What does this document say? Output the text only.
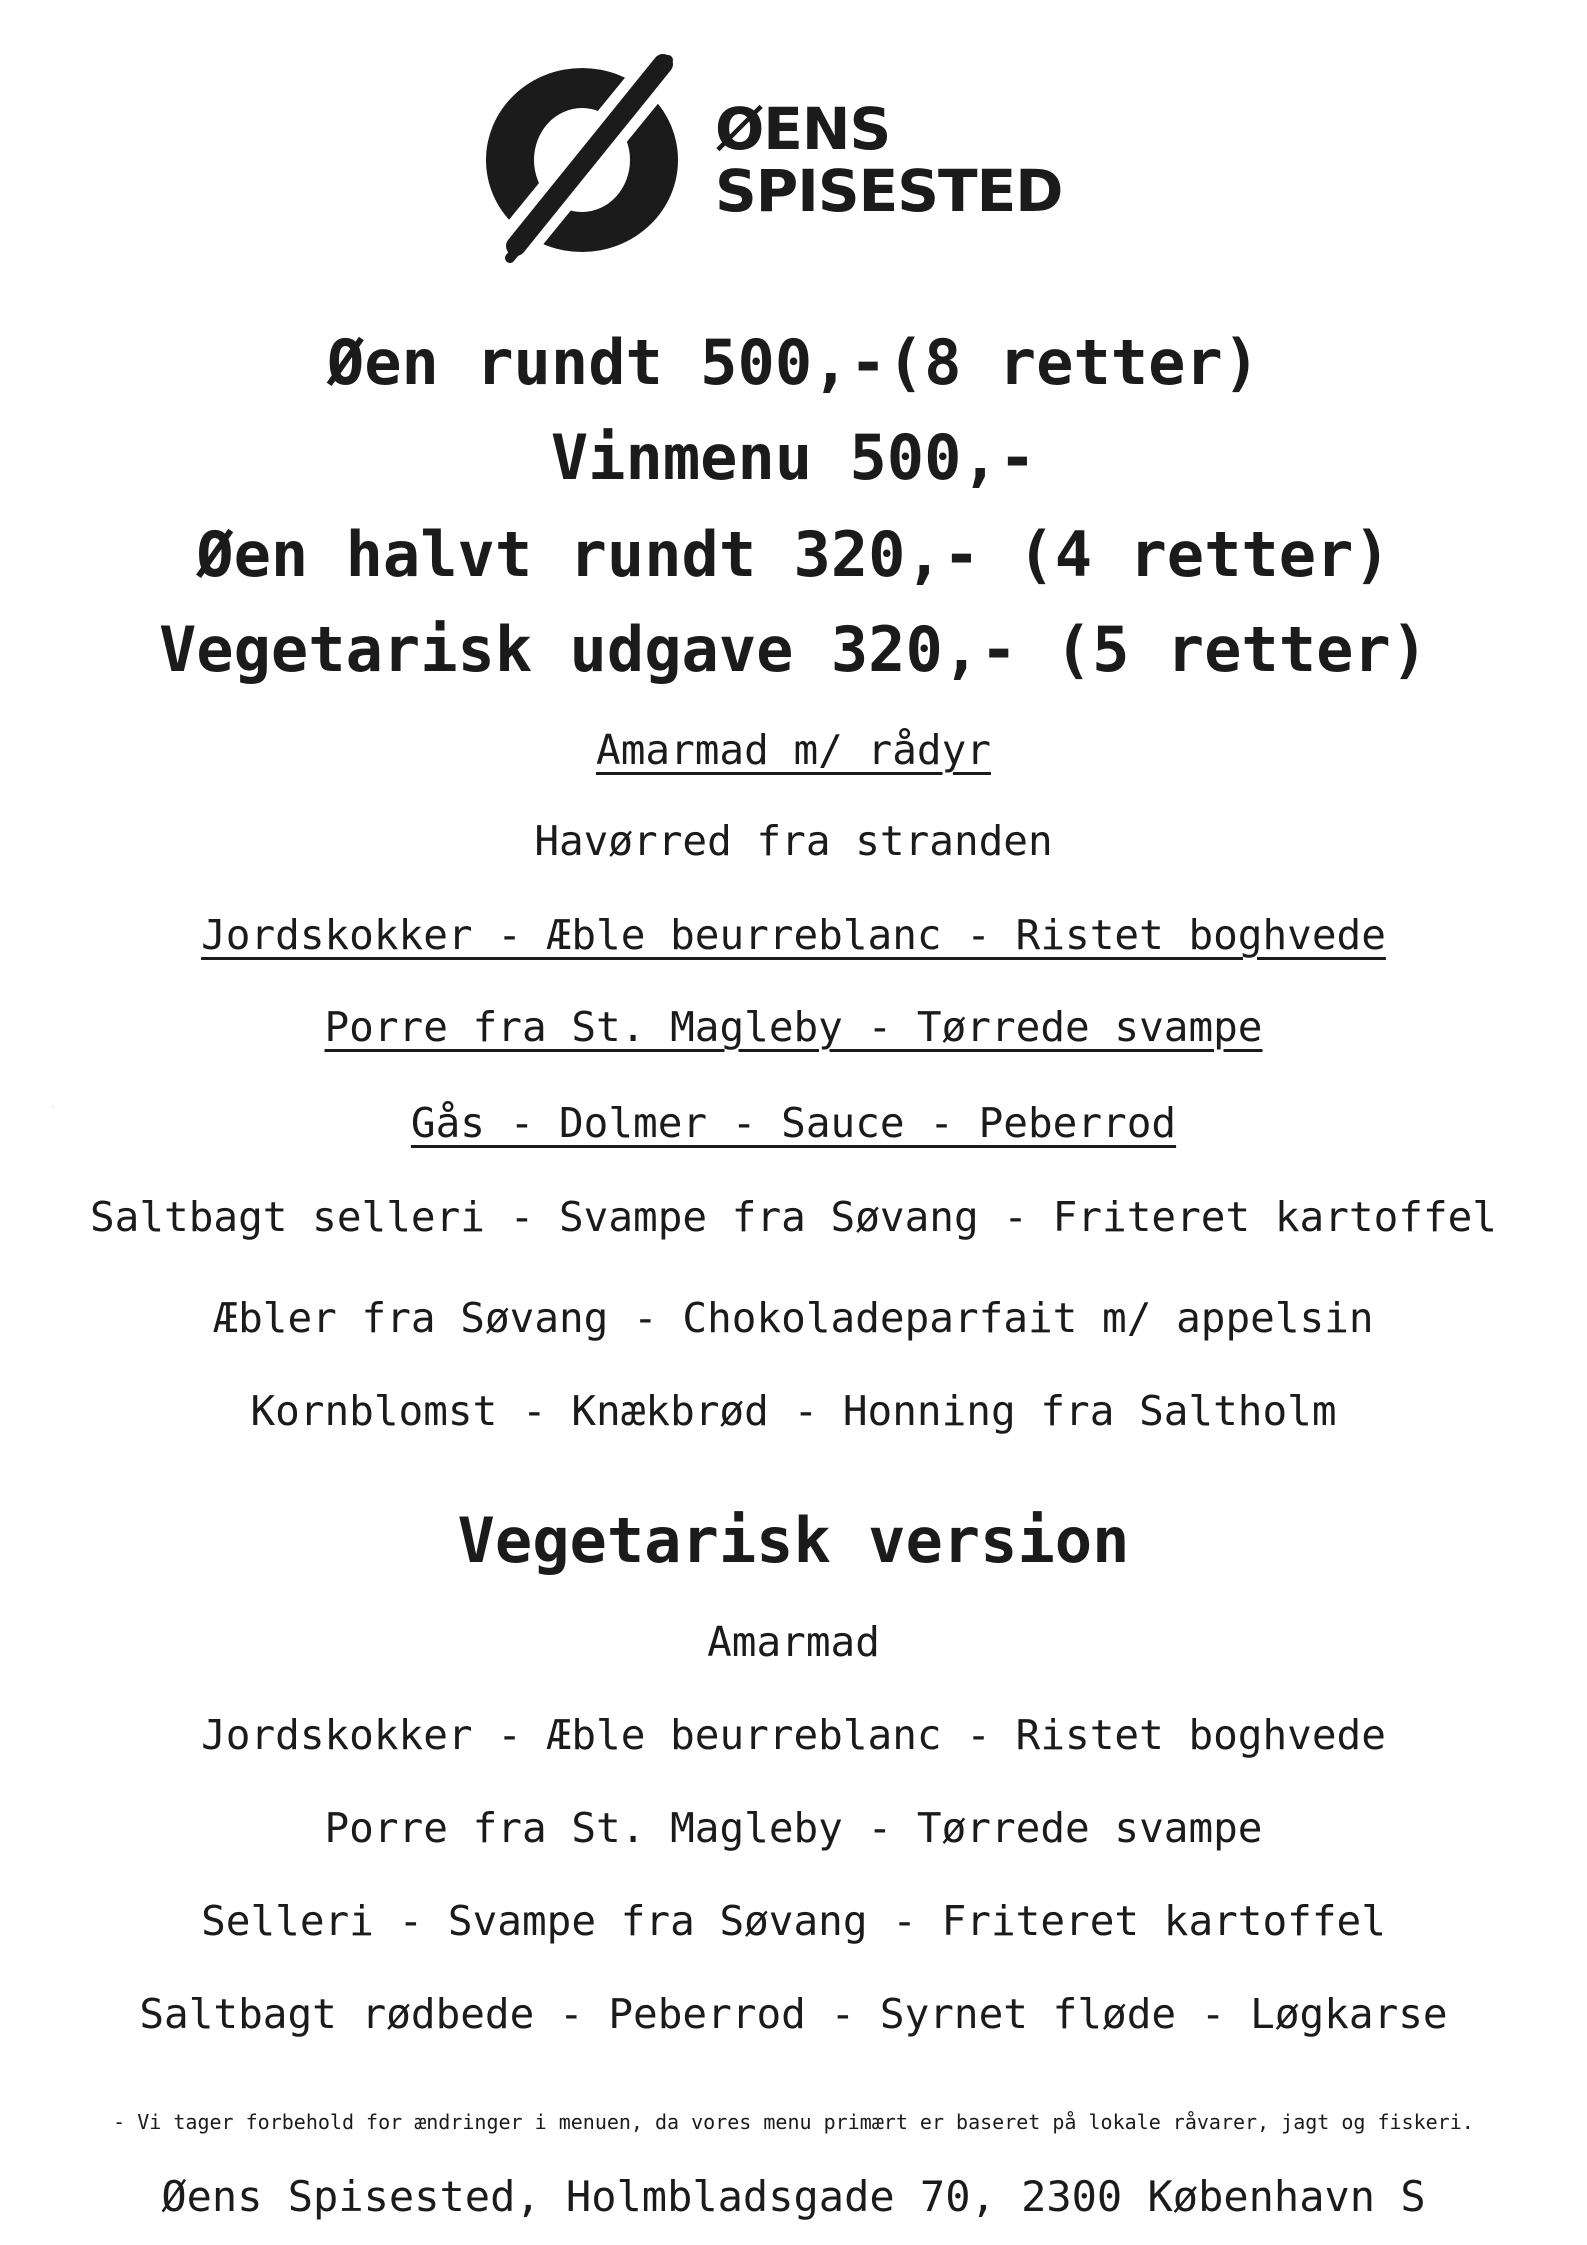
ØENS
SPISESTED
Øen rundt 500,-(8 retter)
Vinmenu 500,-
Øen halvt rundt 320,- (4 retter)
Vegetarisk udgave 320,- (5 retter)
Amarmad m/ rådyr
Havørred fra stranden
Jordskokker - Æble beurreblanc - Ristet boghvede
Porre fra St. Magleby - Tørrede svampe
·	Gås - Dolmer - Sauce - Peberrod
Saltbagt selleri - Svampe fra Søvang - Friteret kartoffel
Æbler fra Søvang - Chokoladeparfait m/ appelsin
Kornblomst - Knækbrød - Honning fra Saltholm
Vegetarisk version
Amarmad
Jordskokker - Æble beurreblanc - Ristet boghvede
Porre fra St. Magleby - Tørrede svampe
Selleri - Svampe fra Søvang - Friteret kartoffel
Saltbagt rødbede - Peberrod - Syrnet fløde - Løgkarse
- Vi tager forbehold for ændringer i menuen, da vores menu primært er baseret på lokale råvarer, jagt og fiskeri.
Øens Spisested, Holmbladsgade 70, 2300 København S
